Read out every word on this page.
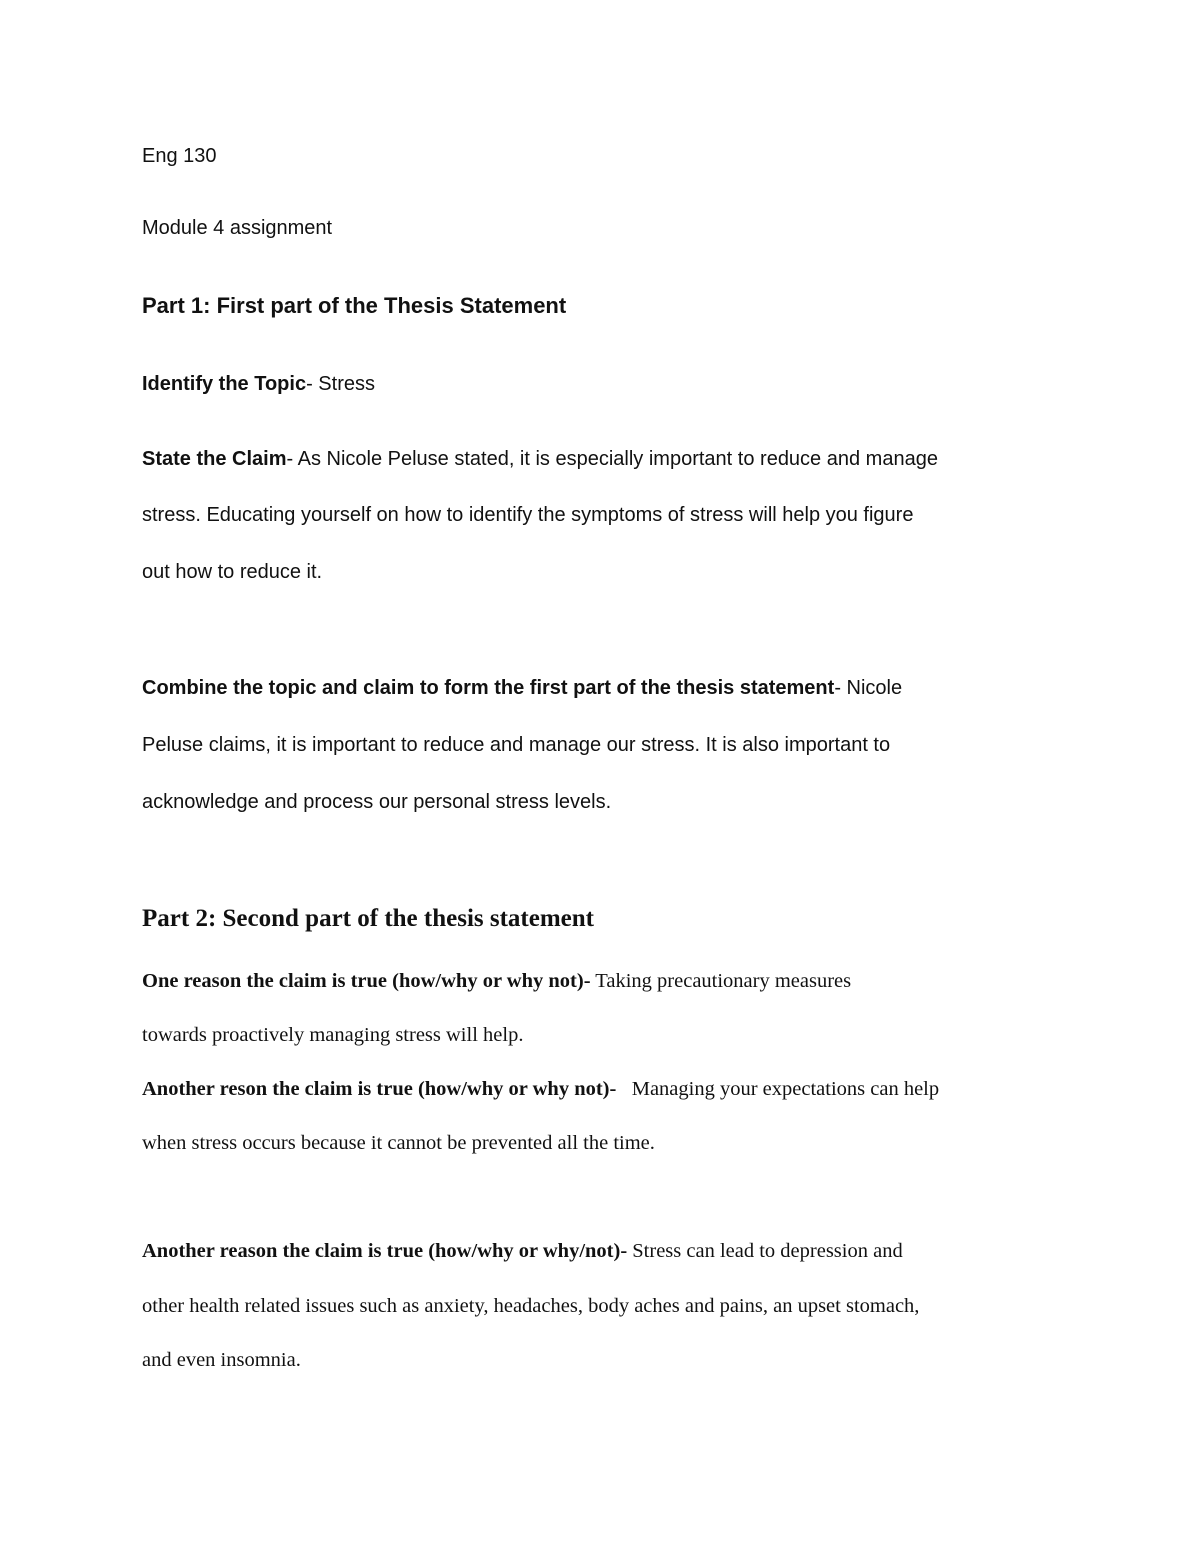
Eng 130
Module 4 assignment
Part 1: First part of the Thesis Statement
Identify the Topic- Stress
State the Claim- As Nicole Peluse stated, it is especially important to reduce and manage
stress. Educating yourself on how to identify the symptoms of stress will help you figure
out how to reduce it.
Combine the topic and claim to form the first part of the thesis statement- Nicole
Peluse claims, it is important to reduce and manage our stress. It is also important to
acknowledge and process our personal stress levels.
Part 2: Second part of the thesis statement
One reason the claim is true (how/why or why not)- Taking precautionary measures
towards proactively managing stress will help.
Another reson the claim is true (how/why or why not)-   Managing your expectations can help
when stress occurs because it cannot be prevented all the time.
Another reason the claim is true (how/why or why/not)- Stress can lead to depression and
other health related issues such as anxiety, headaches, body aches and pains, an upset stomach,
and even insomnia.
